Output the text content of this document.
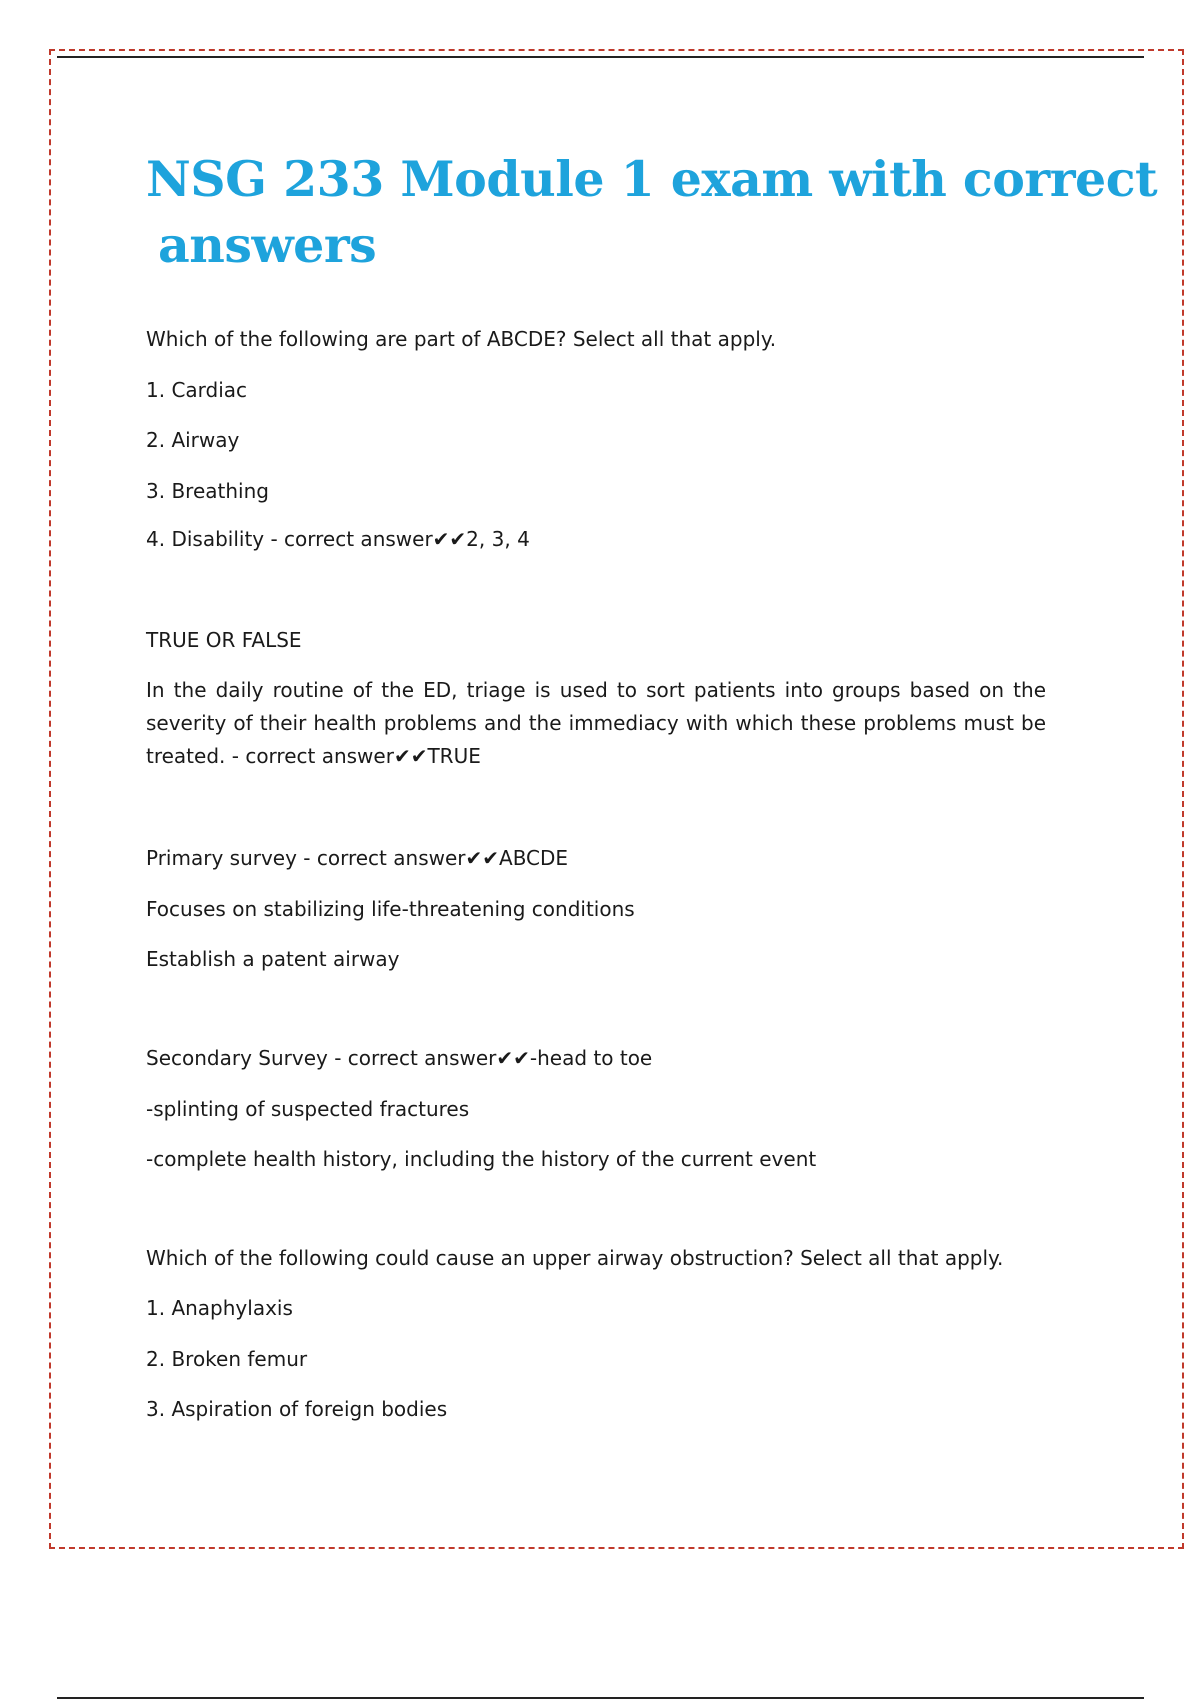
NSG 233 Module 1 exam with correct
answers

Which of the following are part of ABCDE? Select all that apply.

1. Cardiac

2. Airway

3. Breathing

4. Disability - correct answer✔✔2, 3, 4

TRUE OR FALSE

In the daily routine of the ED, triage is used to sort patients into groups based on the severity of their health problems and the immediacy with which these problems must be treated. - correct answer✔✔TRUE

Primary survey - correct answer✔✔ABCDE

Focuses on stabilizing life-threatening conditions

Establish a patent airway

Secondary Survey - correct answer✔✔-head to toe

-splinting of suspected fractures

-complete health history, including the history of the current event

Which of the following could cause an upper airway obstruction? Select all that apply.

1. Anaphylaxis

2. Broken femur

3. Aspiration of foreign bodies
